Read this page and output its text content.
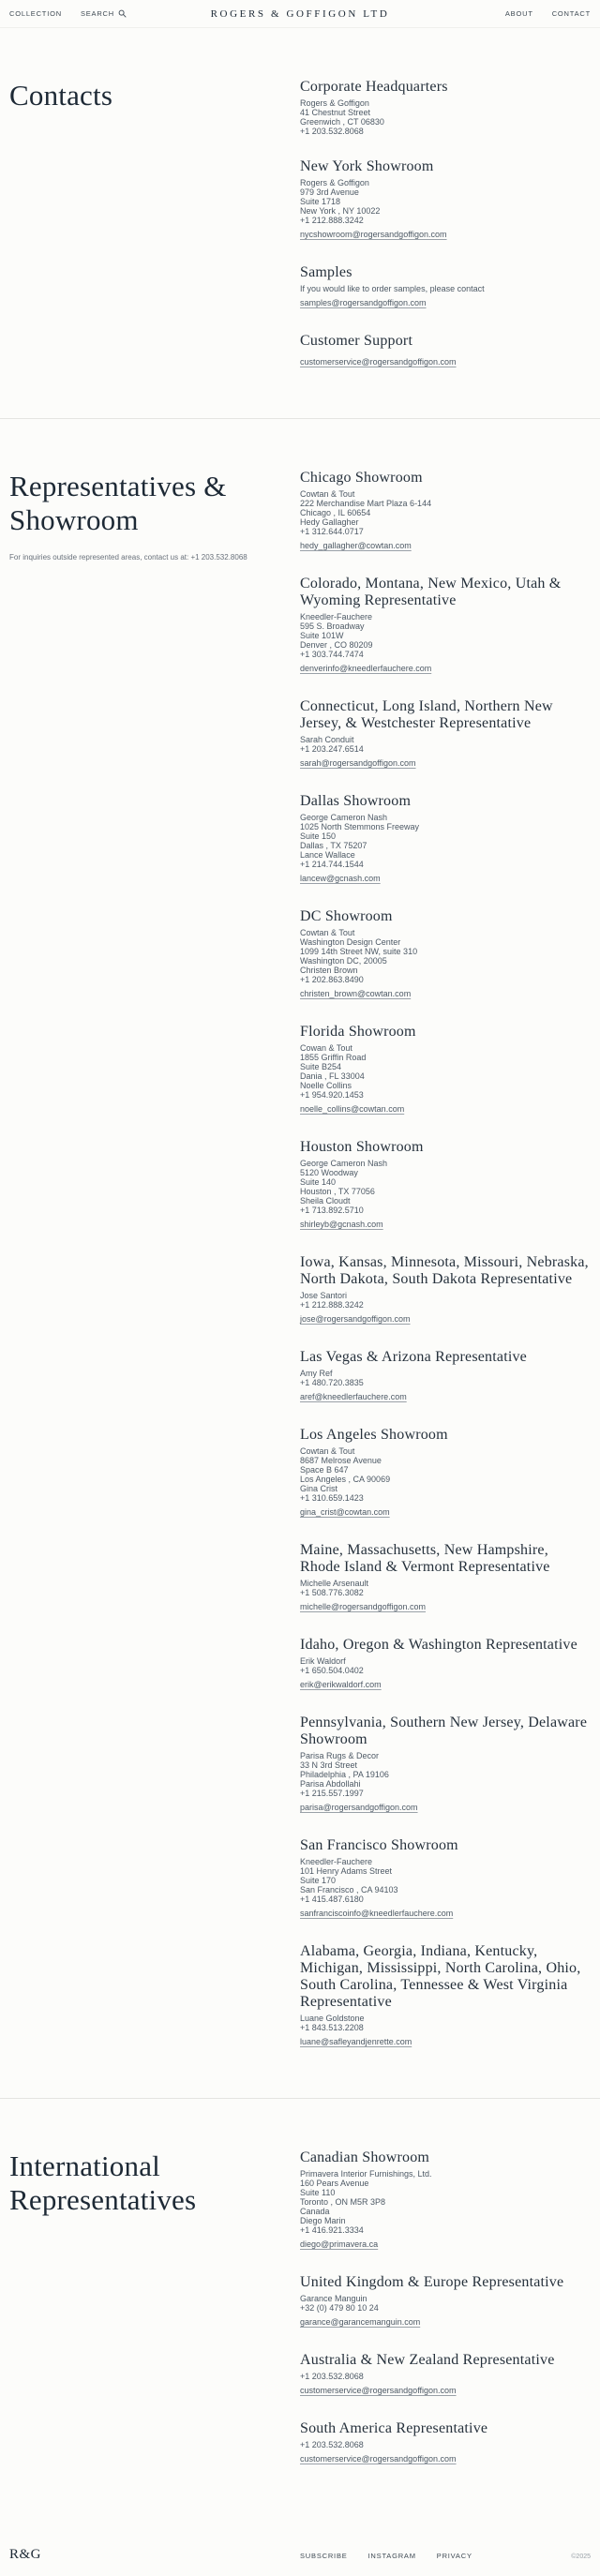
COLLECTION	SEARCH	ROGERS & GOFFIGON LTD	ABOUT	CONTACT
Contacts	Corporate Headquarters

Rogers & Goffigon

41 Chestnut Street

Greenwich , CT 06830

+1 203.532.8068

New York Showroom

Rogers & Goffigon

979 3rd Avenue

Suite 1718

New York , NY 10022

+1 212.888.3242

nycshowroom@rogersandgoffigon.com
Samples

If you would like to order samples, please contact

samples@rogersandgoffigon.com
Customer Support
customerservice@rogersandgoffigon.com
Representatives & Showroom

For inquiries outside represented areas, contact us at: +1 203.532.8068

Chicago Showroom

Cowtan & Tout

222 Merchandise Mart Plaza 6-144

Chicago , IL 60654

Hedy Gallagher

+1 312.644.0717

hedy_gallagher@cowtan.com
Colorado, Montana, New Mexico, Utah & Wyoming Representative

Kneedler-Fauchere

595 S. Broadway

Suite 101W

Denver , CO 80209

+1 303.744.7474

denverinfo@kneedlerfauchere.com
Connecticut, Long Island, Northern New Jersey, & Westchester Representative

Sarah Conduit

+1 203.247.6514

sarah@rogersandgoffigon.com
Dallas Showroom

George Cameron Nash

1025 North Stemmons Freeway

Suite 150

Dallas , TX 75207

Lance Wallace

+1 214.744.1544

lancew@gcnash.com
DC Showroom

Cowtan & Tout

Washington Design Center

1099 14th Street NW, suite 310

Washington DC, 20005

Christen Brown

+1 202.863.8490

christen_brown@cowtan.com
Florida Showroom

Cowan & Tout

1855 Griffin Road

Suite B254

Dania , FL 33004

Noelle Collins

+1 954.920.1453

noelle_collins@cowtan.com
Houston Showroom

George Cameron Nash

5120 Woodway

Suite 140

Houston , TX 77056

Sheila Cloudt

+1 713.892.5710

shirleyb@gcnash.com
Iowa, Kansas, Minnesota, Missouri, Nebraska, North Dakota, South Dakota Representative

Jose Santori

+1 212.888.3242

jose@rogersandgoffigon.com
Las Vegas & Arizona Representative

Amy Ref

+1 480.720.3835

aref@kneedlerfauchere.com
Los Angeles Showroom

Cowtan & Tout

8687 Melrose Avenue

Space B 647

Los Angeles , CA 90069

Gina Crist

+1 310.659.1423

gina_crist@cowtan.com
Maine, Massachusetts, New Hampshire, Rhode Island & Vermont Representative

Michelle Arsenault

+1 508.776.3082

michelle@rogersandgoffigon.com
Idaho, Oregon & Washington Representative

Erik Waldorf

+1 650.504.0402

erik@erikwaldorf.com
Pennsylvania, Southern New Jersey, Delaware Showroom

Parisa Rugs & Decor

33 N 3rd Street

Philadelphia , PA 19106

Parisa Abdollahi

+1 215.557.1997

parisa@rogersandgoffigon.com
San Francisco Showroom

Kneedler-Fauchere

101 Henry Adams Street

Suite 170

San Francisco , CA 94103

+1 415.487.6180

sanfranciscoinfo@kneedlerfauchere.com
Alabama, Georgia, Indiana, Kentucky, Michigan, Mississippi, North Carolina, Ohio, South Carolina, Tennessee & West Virginia Representative

Luane Goldstone

+1 843.513.2208

luane@safleyandjenrette.com
International Representatives
Canadian Showroom

Primavera Interior Furnishings, Ltd.

160 Pears Avenue

Suite 110

Toronto , ON M5R 3P8

Canada

Diego Marin

+1 416.921.3334

diego@primavera.ca
United Kingdom & Europe Representative

Garance Manguin

+32 (0) 479 80 10 24

garance@garancemanguin.com
Australia & New Zealand Representative

+1 203.532.8068

customerservice@rogersandgoffigon.com
South America Representative

+1 203.532.8068

customerservice@rogersandgoffigon.com
R&G	SUBSCRIBE	INSTAGRAM	PRIVACY	©2025
